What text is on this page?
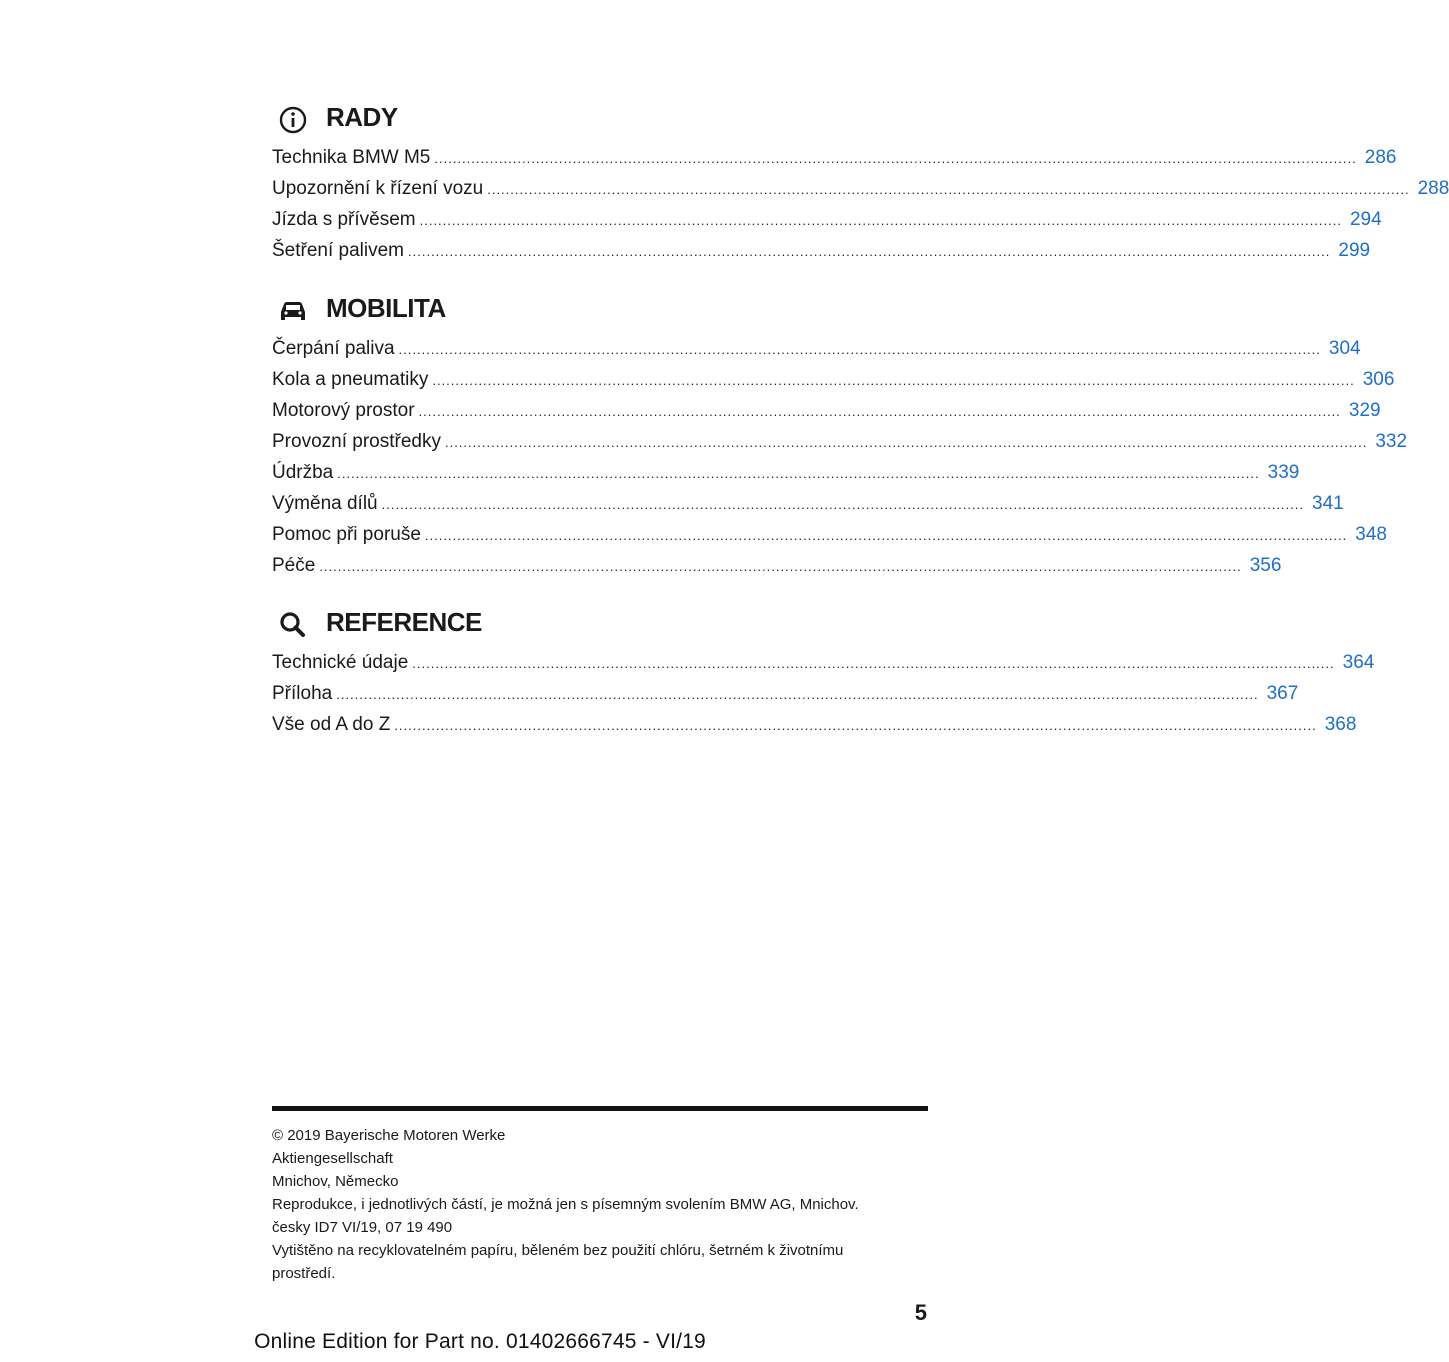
RADY
Technika BMW M5 ........................................................................................................................................................................................................ 286
Upozornění k řízení vozu ........................................................................................................................................................................................................ 288
Jízda s přívěsem ........................................................................................................................................................................................................ 294
Šetření palivem ........................................................................................................................................................................................................ 299
MOBILITA
Čerpání paliva ........................................................................................................................................................................................................ 304
Kola a pneumatiky ........................................................................................................................................................................................................ 306
Motorový prostor ........................................................................................................................................................................................................ 329
Provozní prostředky ........................................................................................................................................................................................................ 332
Údržba ........................................................................................................................................................................................................ 339
Výměna dílů ........................................................................................................................................................................................................ 341
Pomoc při poruše ........................................................................................................................................................................................................ 348
Péče ........................................................................................................................................................................................................ 356
REFERENCE
Technické údaje ........................................................................................................................................................................................................ 364
Příloha ........................................................................................................................................................................................................ 367
Vše od A do Z ........................................................................................................................................................................................................ 368
© 2019 Bayerische Motoren Werke
Aktiengesellschaft
Mnichov, Německo
Reprodukce, i jednotlivých částí, je možná jen s písemným svolením BMW AG, Mnichov.
česky ID7 VI/19, 07 19 490
Vytištěno na recyklovatelném papíru, běleném bez použití chlóru, šetrném k životnímu
prostředí.
5
Online Edition for Part no. 01402666745 - VI/19
